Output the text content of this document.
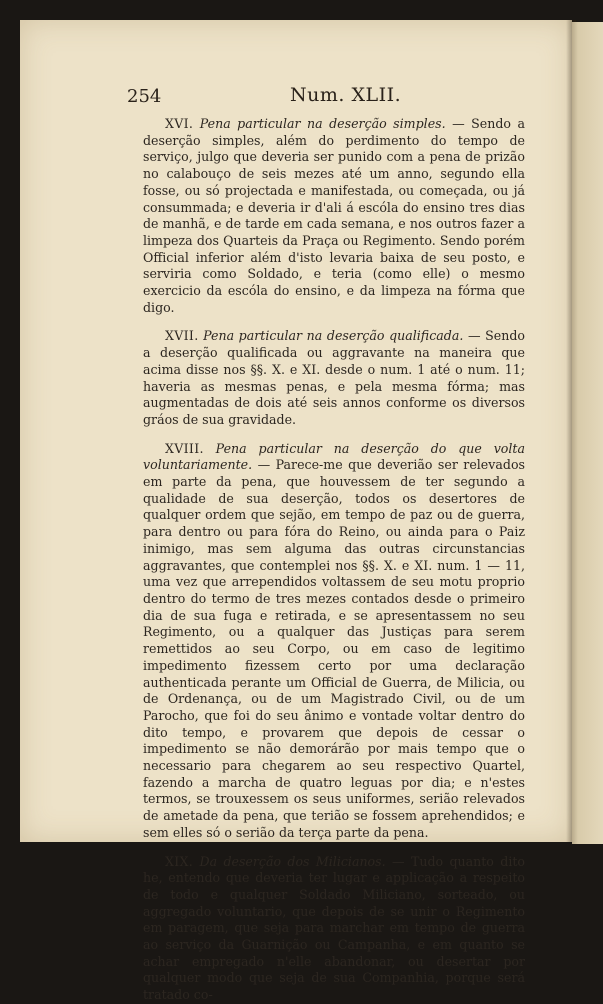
254	Num. XLII.

XVI. Pena particular na deserção simples. — Sendo a deserção simples, além do perdimento do tempo de serviço, julgo que deveria ser punido com a pena de prizão no calabouço de seis mezes até um anno, segundo ella fosse, ou só projectada e manifestada, ou começada, ou já consummada; e deveria ir d'ali á escóla do ensino tres dias de manhã, e de tarde em cada semana, e nos outros fazer a limpeza dos Quarteis da Praça ou Regimento. Sendo porém Official inferior além d'isto levaria baixa de seu posto, e serviria como Soldado, e teria (como elle) o mesmo exercicio da escóla do ensino, e da limpeza na fórma que digo.

XVII. Pena particular na deserção qualificada. — Sendo a deserção qualificada ou aggravante na maneira que acima disse nos §§. X. e XI. desde o num. 1 até o num. 11; haveria as mesmas penas, e pela mesma fórma; mas augmentadas de dois até seis annos conforme os diversos gráos de sua gravidade.

XVIII. Pena particular na deserção do que volta voluntariamente. — Parece-me que deverião ser relevados em parte da pena, que houvessem de ter segundo a qualidade de sua deserção, todos os desertores de qualquer ordem que sejão, em tempo de paz ou de guerra, para dentro ou para fóra do Reino, ou ainda para o Paiz inimigo, mas sem alguma das outras circunstancias aggravantes, que contemplei nos §§. X. e XI. num. 1 — 11, uma vez que arrependidos voltassem de seu motu proprio dentro do termo de tres mezes contados desde o primeiro dia de sua fuga e retirada, e se apresentassem no seu Regimento, ou a qualquer das Justiças para serem remettidos ao seu Corpo, ou em caso de legitimo impedimento fizessem certo por uma declaração authenticada perante um Official de Guerra, de Milicia, ou de Ordenança, ou de um Magistrado Civil, ou de um Parocho, que foi do seu ânimo e vontade voltar dentro do dito tempo, e provarem que depois de cessar o impedimento se não demorárão por mais tempo que o necessario para chegarem ao seu respectivo Quartel, fazendo a marcha de quatro leguas por dia; e n'estes termos, se trouxessem os seus uniformes, serião relevados de ametade da pena, que terião se fossem aprehendidos; e sem elles só o serião da terça parte da pena.

XIX. Da deserção dos Milicianos. — Tudo quanto dito he, entendo que deveria ter lugar e applicação a respeito de todo e qualquer Soldado Miliciano, sorteado, ou aggregado voluntario, que depois de se unir o Regimento em paragem, que seja para marchar em tempo de guerra ao serviço da Guarnição ou Campanha, e em quanto se achar empregado n'elle abandonar, ou desertar por qualquer modo que seja de sua Companhia, porque será tratado co-
